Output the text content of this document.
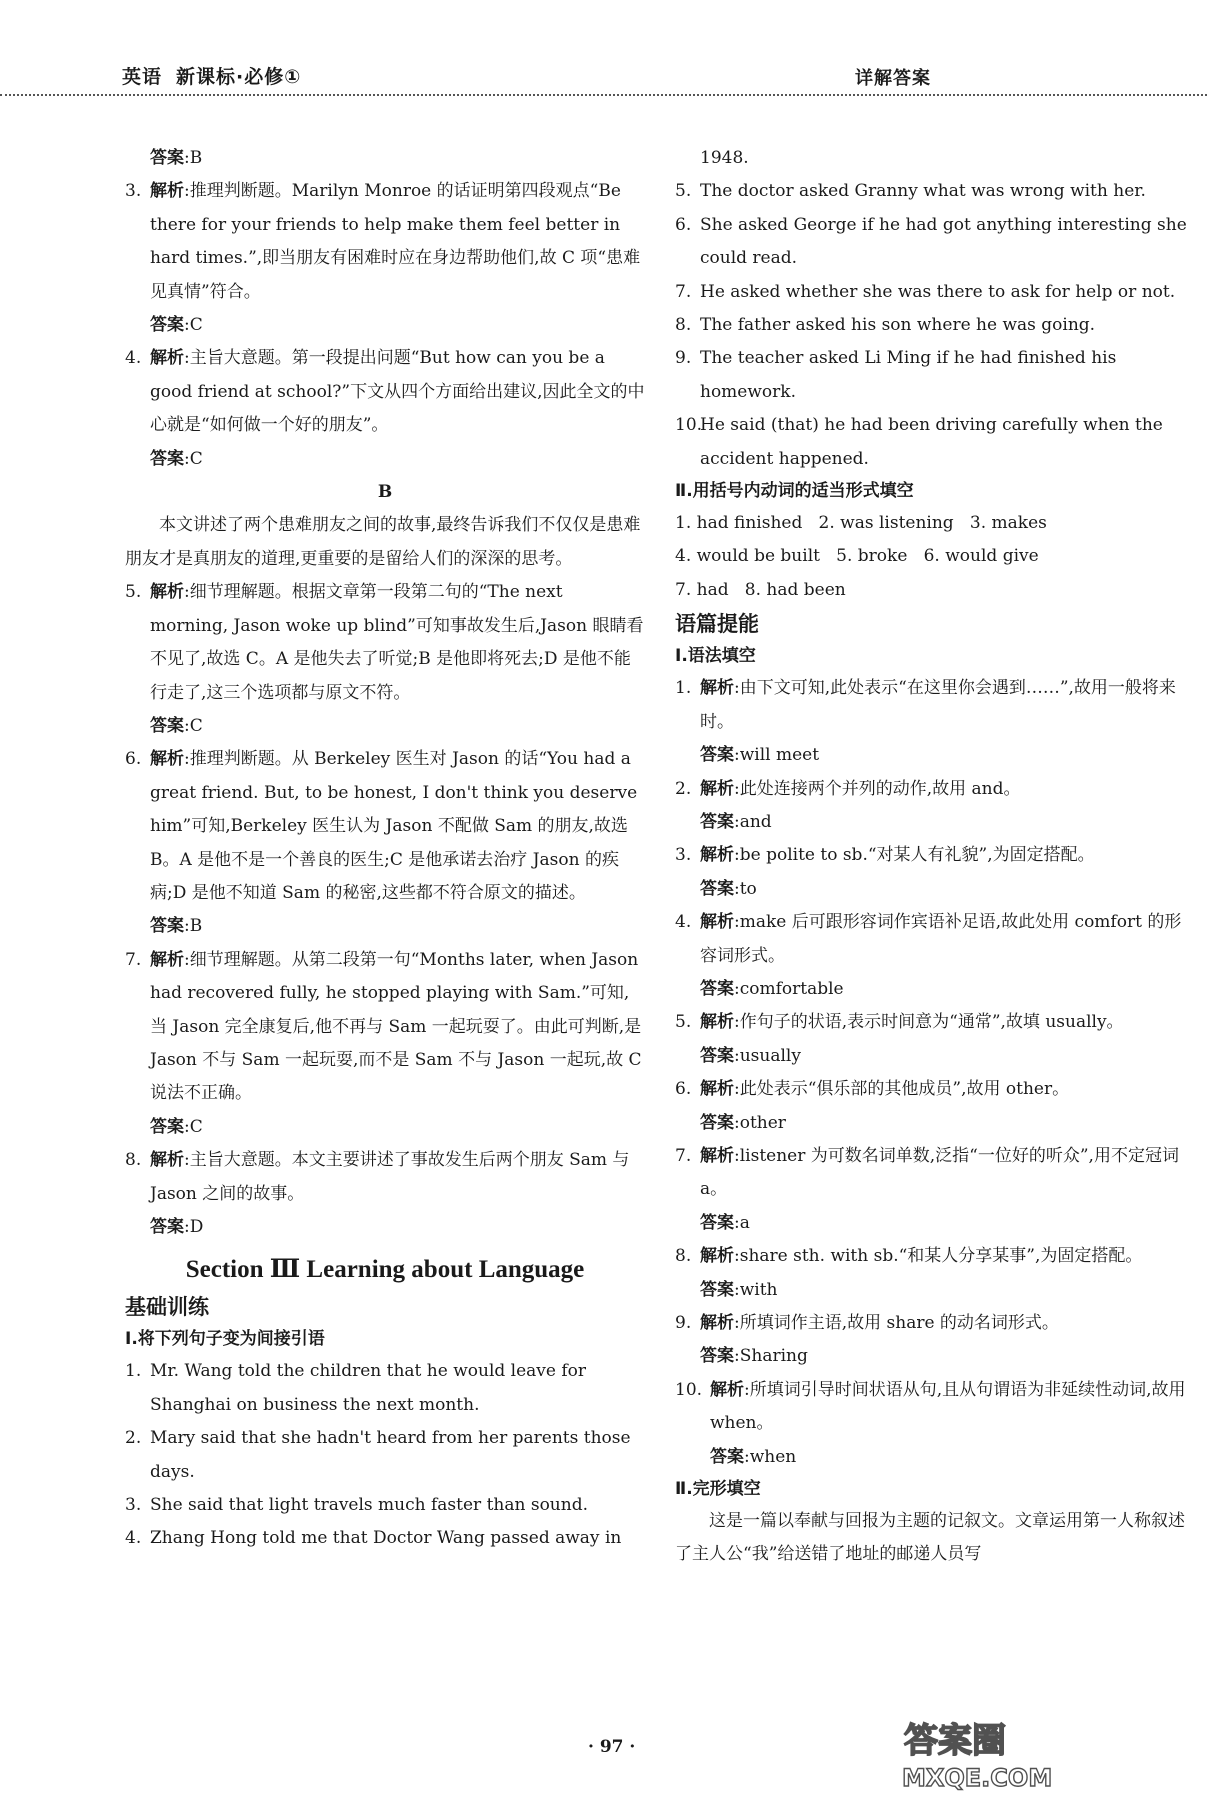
英语 新课标·必修①	详解答案

答案:B

3. 解析:推理判断题。Marilyn Monroe 的话证明第四段观点“Be there for your friends to help make them feel better in hard times.”,即当朋友有困难时应在身边帮助他们,故 C 项“患难见真情”符合。

答案:C

4. 解析:主旨大意题。第一段提出问题“But how can you be a good friend at school?”下文从四个方面给出建议,因此全文的中心就是“如何做一个好的朋友”。

答案:C

B

本文讲述了两个患难朋友之间的故事,最终告诉我们不仅仅是患难朋友才是真朋友的道理,更重要的是留给人们的深深的思考。

5. 解析:细节理解题。根据文章第一段第二句的“The next morning, Jason woke up blind”可知事故发生后,Jason 眼睛看不见了,故选 C。A 是他失去了听觉;B 是他即将死去;D 是他不能行走了,这三个选项都与原文不符。

答案:C

6. 解析:推理判断题。从 Berkeley 医生对 Jason 的话“You had a great friend. But, to be honest, I don't think you deserve him”可知,Berkeley 医生认为 Jason 不配做 Sam 的朋友,故选 B。A 是他不是一个善良的医生;C 是他承诺去治疗 Jason 的疾病;D 是他不知道 Sam 的秘密,这些都不符合原文的描述。

答案:B

7. 解析:细节理解题。从第二段第一句“Months later, when Jason had recovered fully, he stopped playing with Sam.”可知,当 Jason 完全康复后,他不再与 Sam 一起玩耍了。由此可判断,是 Jason 不与 Sam 一起玩耍,而不是 Sam 不与 Jason 一起玩,故 C 说法不正确。

答案:C

8. 解析:主旨大意题。本文主要讲述了事故发生后两个朋友 Sam 与 Jason 之间的故事。

答案:D

Section Ⅲ Learning about Language

基础训练

Ⅰ.将下列句子变为间接引语

1. Mr. Wang told the children that he would leave for Shanghai on business the next month.

2. Mary said that she hadn't heard from her parents those days.

3. She said that light travels much faster than sound.

4. Zhang Hong told me that Doctor Wang passed away in

1948.

5. The doctor asked Granny what was wrong with her.

6. She asked George if he had got anything interesting she could read.

7. He asked whether she was there to ask for help or not.

8. The father asked his son where he was going.

9. The teacher asked Li Ming if he had finished his homework.

10.
He said (that) he had been driving carefully when the accident happened.

Ⅱ.用括号内动词的适当形式填空

1. had finished   2. was listening   3. makes

4. would be built   5. broke   6. would give

7. had   8. had been

语篇提能

Ⅰ.语法填空

1. 解析:由下文可知,此处表示“在这里你会遇到……”,故用一般将来时。

答案:will meet

2. 解析:此处连接两个并列的动作,故用 and。

答案:and

3. 解析:be polite to sb.“对某人有礼貌”,为固定搭配。

答案:to

4. 解析:make 后可跟形容词作宾语补足语,故此处用 comfort 的形容词形式。

答案:comfortable

5. 解析:作句子的状语,表示时间意为“通常”,故填 usually。

答案:usually

6. 解析:此处表示“俱乐部的其他成员”,故用 other。

答案:other

7. 解析:listener 为可数名词单数,泛指“一位好的听众”,用不定冠词 a。

答案:a

8. 解析:share sth. with sb.“和某人分享某事”,为固定搭配。

答案:with

9. 解析:所填词作主语,故用 share 的动名词形式。

答案:Sharing

10. 解析:所填词引导时间状语从句,且从句谓语为非延续性动词,故用 when。

答案:when

Ⅱ.完形填空

这是一篇以奉献与回报为主题的记叙文。文章运用第一人称叙述了主人公“我”给送错了地址的邮递人员写

· 97 ·	答案圈
MXQE.COM
